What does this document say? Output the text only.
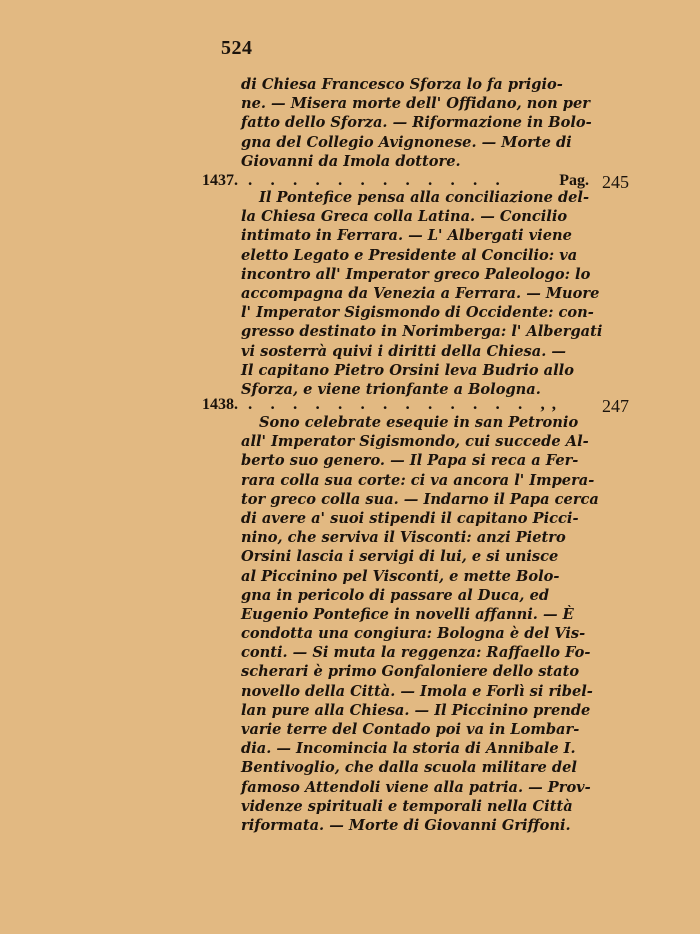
524
di Chiesa Francesco Sforza lo fa prigio-
ne. — Misera morte dell' Offidano, non per
fatto dello Sforza. — Riformazione in Bolo-
gna del Collegio Avignonese. — Morte di
Giovanni da Imola dottore.
1437. . . . . . . . . . . . .	Pag. 245
Il Pontefice pensa alla conciliazione del-
la Chiesa Greca colla Latina. — Concilio
intimato in Ferrara. — L' Albergati viene
eletto Legato e Presidente al Concilio: va
incontro all' Imperator greco Paleologo: lo
accompagna da Venezia a Ferrara. — Muore
l' Imperator Sigismondo di Occidente: con-
gresso destinato in Norimberga: l' Albergati
vi sosterrà quivi i diritti della Chiesa. —
Il capitano Pietro Orsini leva Budrio allo
Sforza, e viene trionfante a Bologna.
1438. . . . . . . . . . . . . . ,, 247
Sono celebrate esequie in san Petronio
all' Imperator Sigismondo, cui succede Al-
berto suo genero. — Il Papa si reca a Fer-
rara colla sua corte: ci va ancora l' Impera-
tor greco colla sua. — Indarno il Papa cerca
di avere a' suoi stipendi il capitano Picci-
nino, che serviva il Visconti: anzi Pietro
Orsini lascia i servigi di lui, e si unisce
al Piccinino pel Visconti, e mette Bolo-
gna in pericolo di passare al Duca, ed
Eugenio Pontefice in novelli affanni. — È
condotta una congiura: Bologna è del Vis-
conti. — Si muta la reggenza: Raffaello Fo-
scherari è primo Gonfaloniere dello stato
novello della Città. — Imola e Forlì si ribel-
lan pure alla Chiesa. — Il Piccinino prende
varie terre del Contado poi va in Lombar-
dia. — Incomincia la storia di Annibale I.
Bentivoglio, che dalla scuola militare del
famoso Attendoli viene alla patria. — Prov-
videnze spirituali e temporali nella Città
riformata. — Morte di Giovanni Griffoni.
